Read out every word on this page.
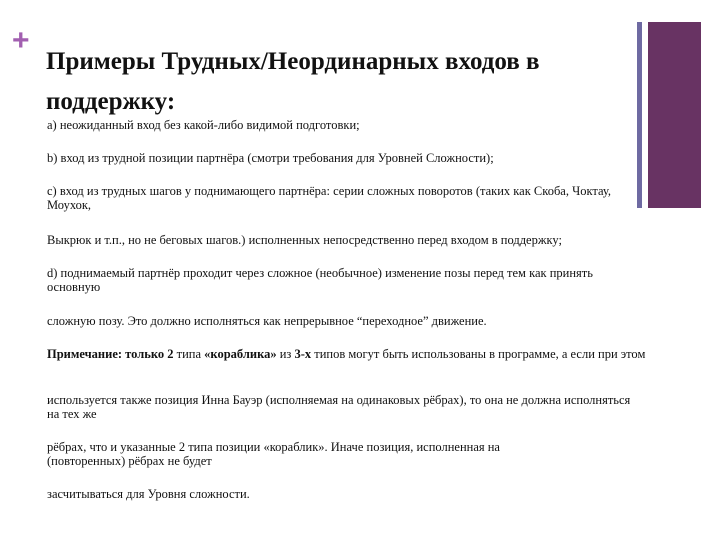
+
Примеры Трудных/Неординарных входов в поддержку:

а) неожиданный вход без какой-либо видимой подготовки;

b) вход из трудной позиции партнёра (смотри требования для Уровней Сложности);

c) вход из трудных шагов у поднимающего партнёра: серии сложных поворотов (таких как Скоба, Чоктау, Моухок,

Выкрюк и т.п., но не беговых шагов.) исполненных непосредственно перед входом в поддержку;

d) поднимаемый партнёр проходит через сложное (необычное) изменение позы перед тем как принять основную

сложную позу. Это должно исполняться как непрерывное “переходное” движение.

Примечание: только 2 типа «кораблика» из 3-х типов могут быть использованы в программе, а если при этом

используется также позиция Инна Бауэр (исполняемая на одинаковых рёбрах), то она не должна исполняться на тех же

рёбрах, что и указанные 2 типа позиции «кораблик». Иначе позиция, исполненная на (повторенных) рёбрах не будет

засчитываться для Уровня сложности.
